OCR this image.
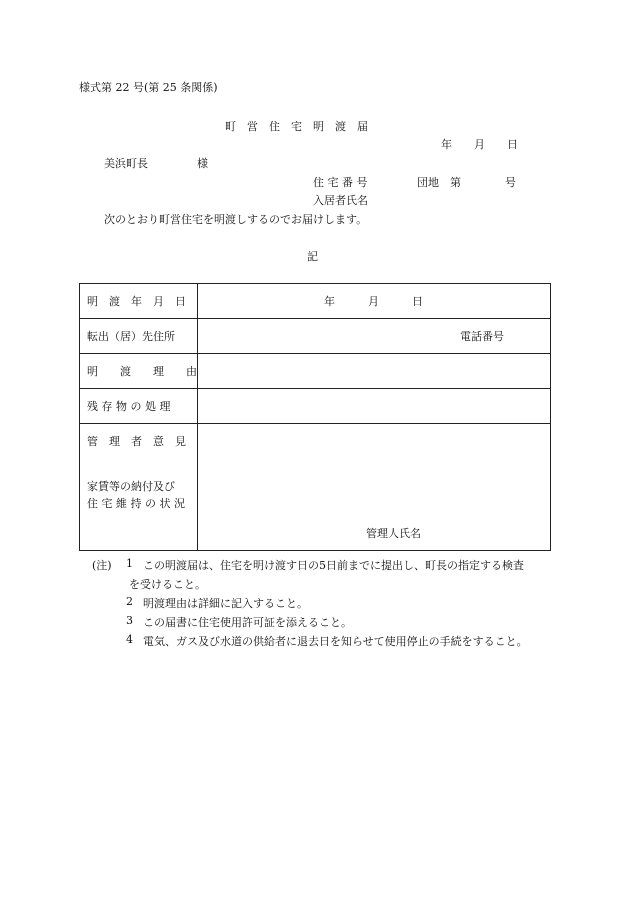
様式第 22 号(第 25 条関係)
町　営　住　宅　明　渡　届
年　　月　　日
美浜町長	様
住 宅 番 号	団地　第　　　　号
入居者氏名
次のとおり町営住宅を明渡しするのでお届けします。
記
明　渡　年　月　日	年　　　月　　　日

転出（居）先住所	電話番号

明　　渡　　理　　由	
残 存 物 の 処 理	

管　理　者　意　見
家賃等の納付及び
住 宅 維 持 の 状 況	管理人氏名
(注) 1 この明渡届は、住宅を明け渡す日の5日前までに提出し、町長の指定する検査
を受けること。
2 明渡理由は詳細に記入すること。
3 この届書に住宅使用許可証を添えること。
4 電気、ガス及び水道の供給者に退去日を知らせて使用停止の手続をすること。
